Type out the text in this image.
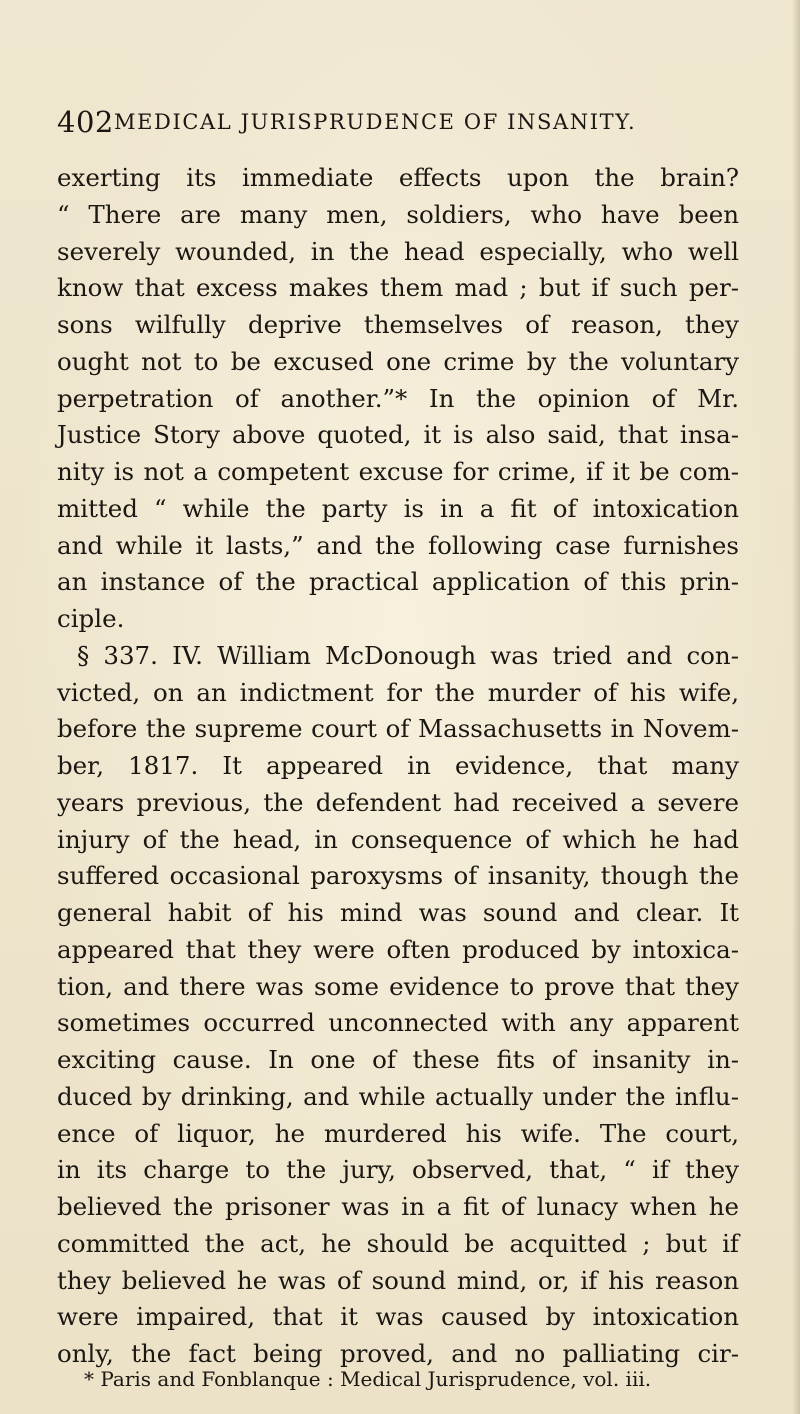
402 MEDICAL JURISPRUDENCE OF INSANITY.
exerting its immediate effects upon the brain?
“ There are many men, soldiers, who have been
severely wounded, in the head especially, who well
know that excess makes them mad ; but if such per-
sons wilfully deprive themselves of reason, they
ought not to be excused one crime by the voluntary
perpetration of another.”* In the opinion of Mr.
Justice Story above quoted, it is also said, that insa-
nity is not a competent excuse for crime, if it be com-
mitted “ while the party is in a fit of intoxication
and while it lasts,” and the following case furnishes
an instance of the practical application of this prin-
ciple.
§ 337. IV. William McDonough was tried and con-
victed, on an indictment for the murder of his wife,
before the supreme court of Massachusetts in Novem-
ber, 1817. It appeared in evidence, that many
years previous, the defendent had received a severe
injury of the head, in consequence of which he had
suffered occasional paroxysms of insanity, though the
general habit of his mind was sound and clear. It
appeared that they were often produced by intoxica-
tion, and there was some evidence to prove that they
sometimes occurred unconnected with any apparent
exciting cause. In one of these fits of insanity in-
duced by drinking, and while actually under the influ-
ence of liquor, he murdered his wife. The court,
in its charge to the jury, observed, that, “ if they
believed the prisoner was in a fit of lunacy when he
committed the act, he should be acquitted ; but if
they believed he was of sound mind, or, if his reason
were impaired, that it was caused by intoxication
only, the fact being proved, and no palliating cir-
* Paris and Fonblanque : Medical Jurisprudence, vol. iii.
